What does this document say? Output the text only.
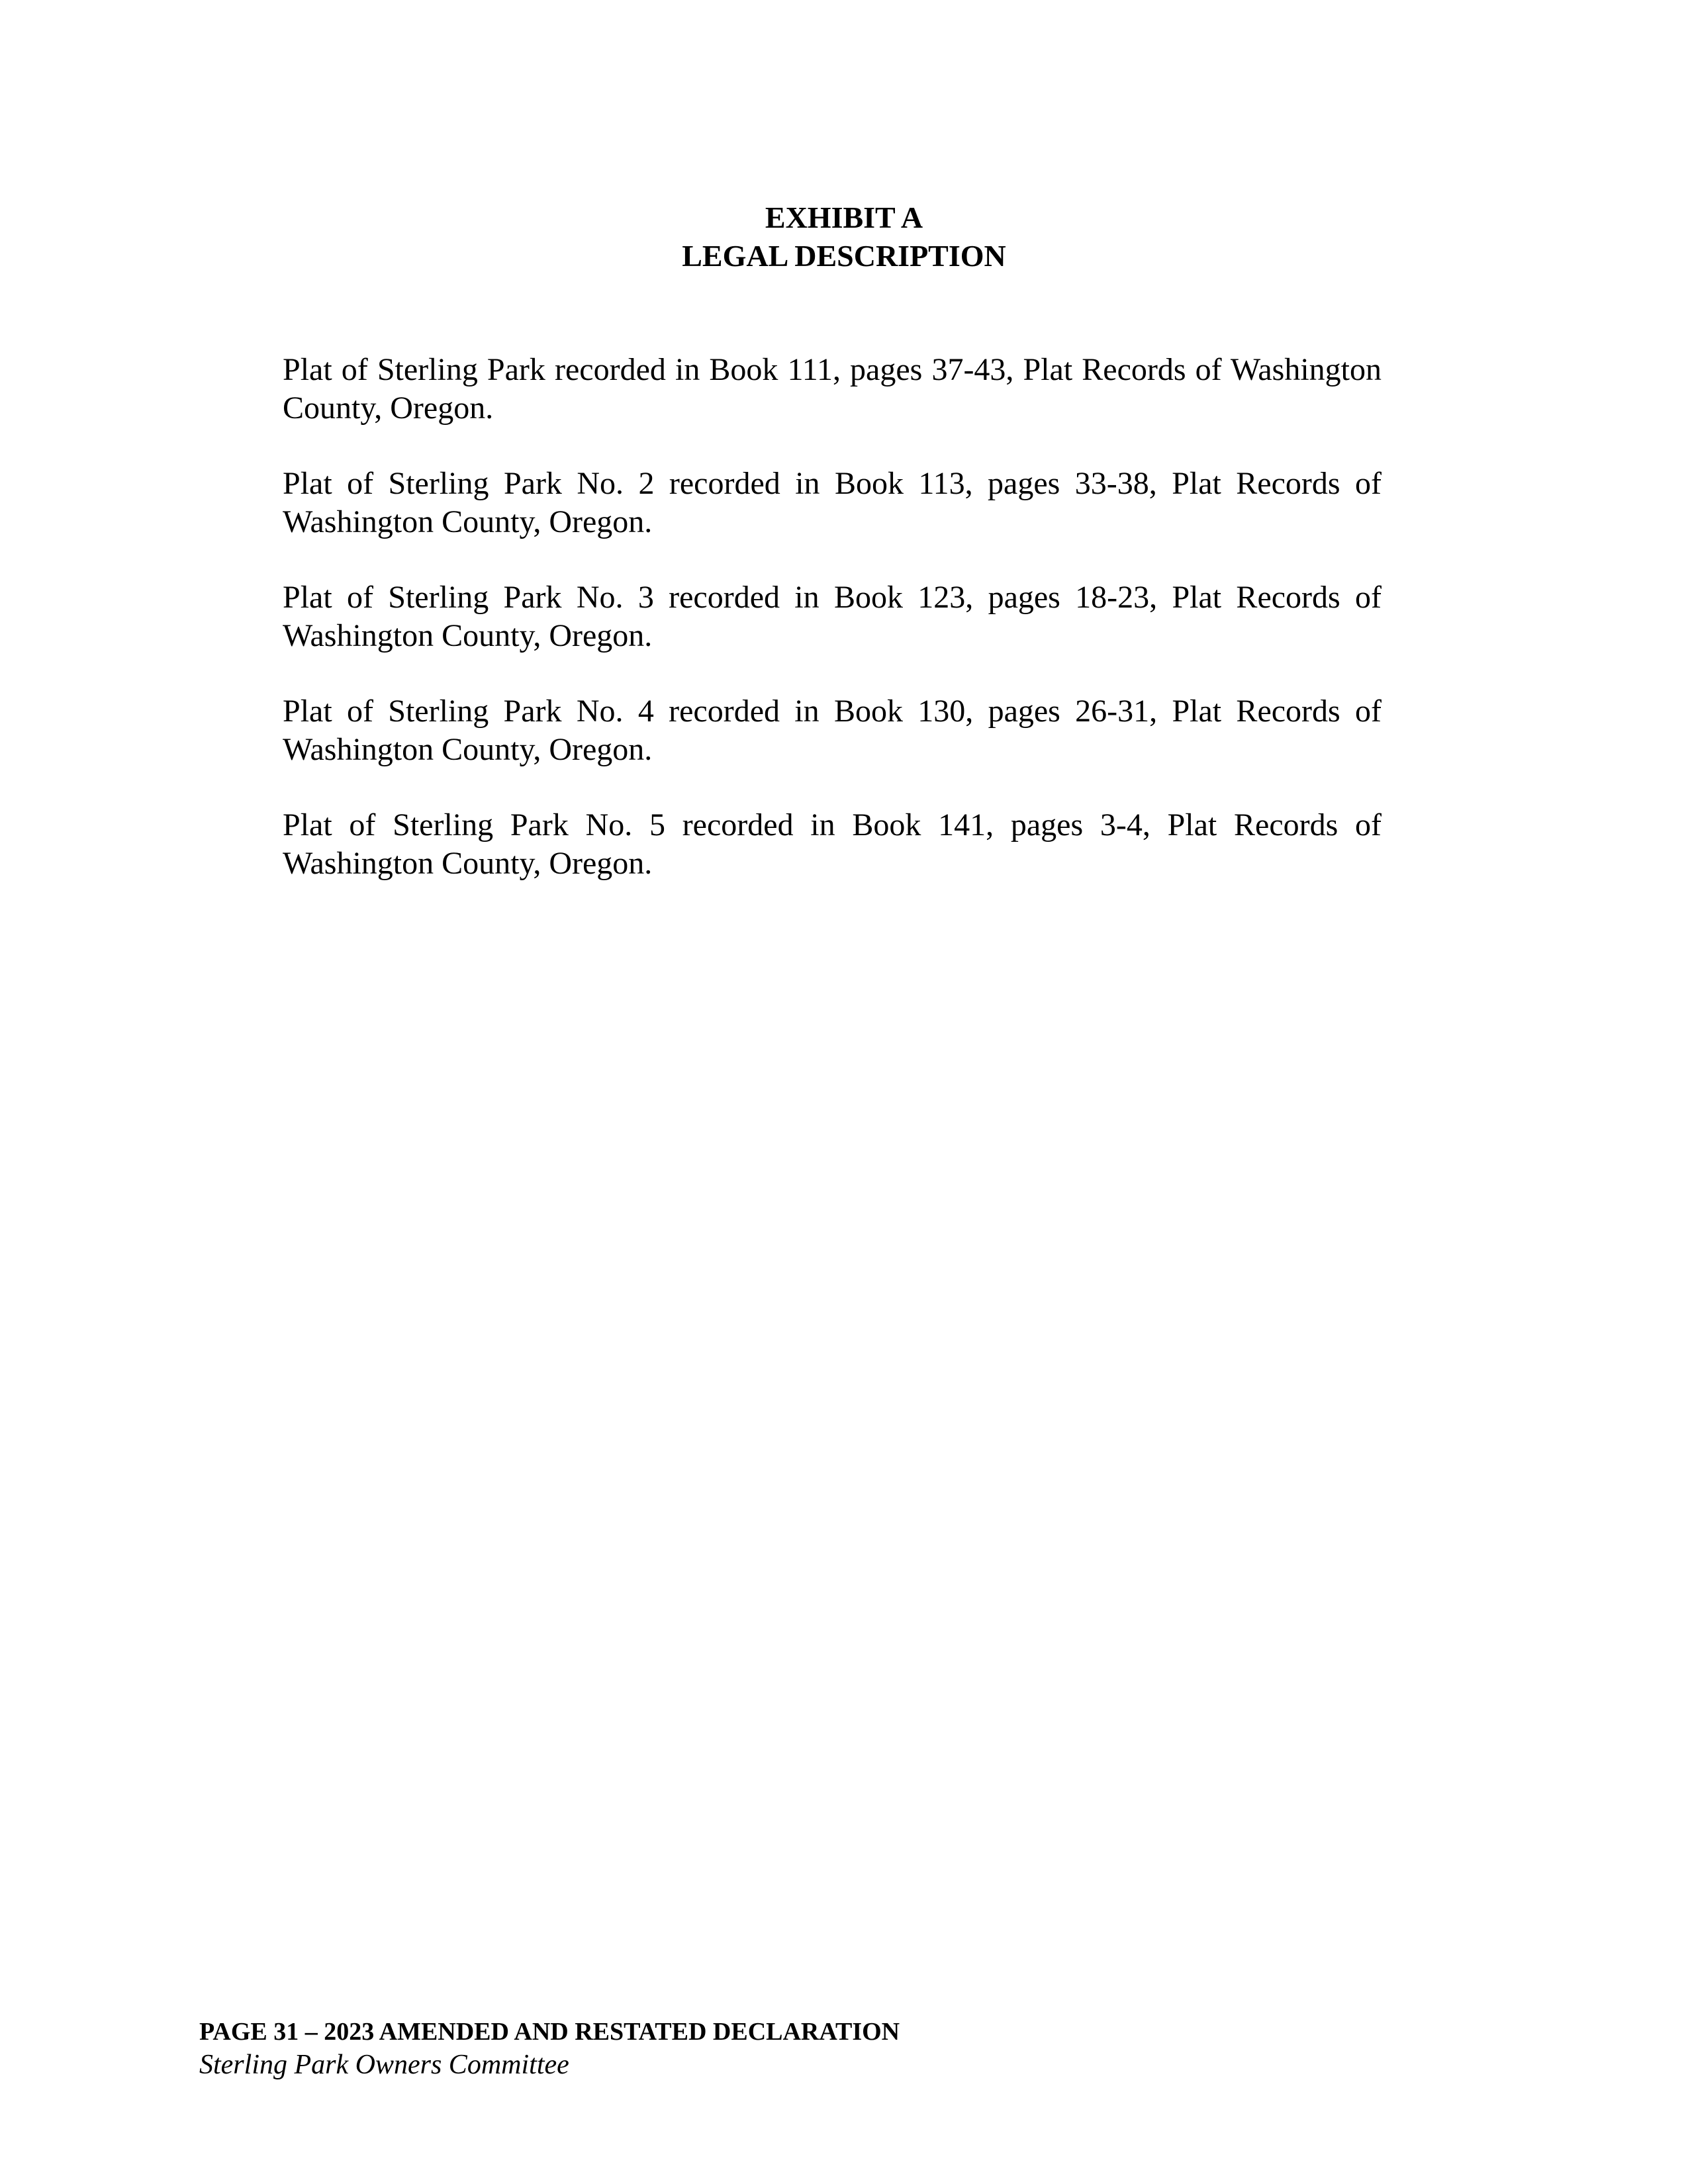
EXHIBIT A
LEGAL DESCRIPTION

Plat of Sterling Park recorded in Book 111, pages 37-43, Plat Records of Washington County, Oregon.

Plat of Sterling Park No. 2 recorded in Book 113, pages 33-38, Plat Records of Washington County, Oregon.

Plat of Sterling Park No. 3 recorded in Book 123, pages 18-23, Plat Records of Washington County, Oregon.

Plat of Sterling Park No. 4 recorded in Book 130, pages 26-31, Plat Records of Washington County, Oregon.

Plat of Sterling Park No. 5 recorded in Book 141, pages 3-4, Plat Records of Washington County, Oregon.

PAGE 31 – 2023 AMENDED AND RESTATED DECLARATION
Sterling Park Owners Committee
